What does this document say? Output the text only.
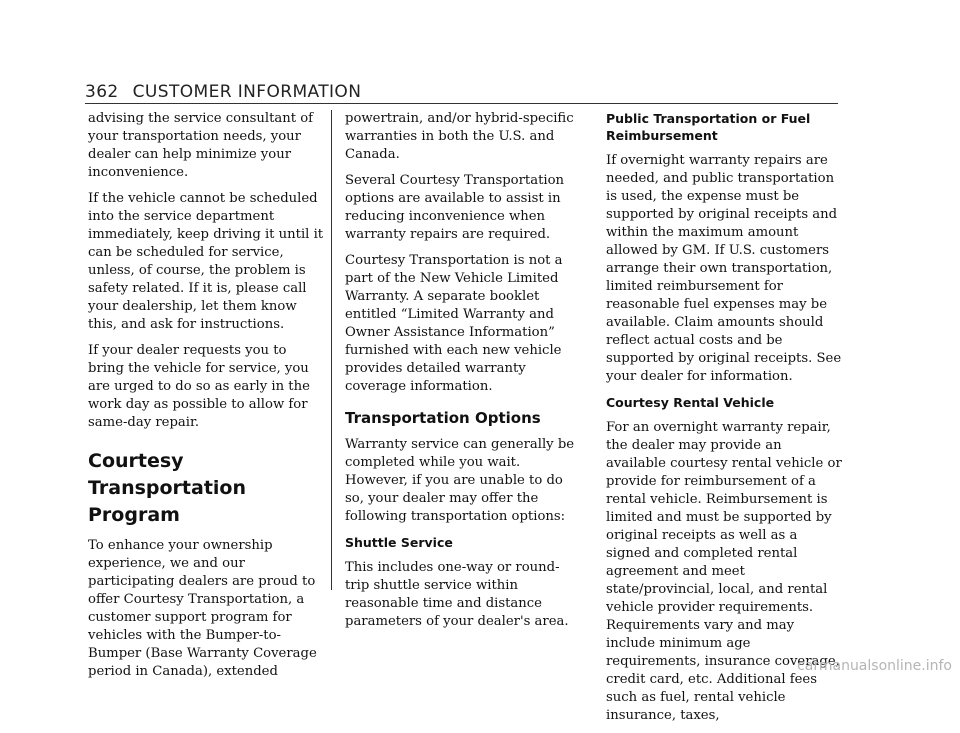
362 CUSTOMER INFORMATION

advising the service consultant of your transportation needs, your dealer can help minimize your inconvenience.

If the vehicle cannot be scheduled into the service department immediately, keep driving it until it can be scheduled for service, unless, of course, the problem is safety related. If it is, please call your dealership, let them know this, and ask for instructions.

If your dealer requests you to bring the vehicle for service, you are urged to do so as early in the work day as possible to allow for same-day repair.

Courtesy Transportation Program

To enhance your ownership experience, we and our participating dealers are proud to offer Courtesy Transportation, a customer support program for vehicles with the Bumper-to-Bumper (Base Warranty Coverage period in Canada), extended

powertrain, and/or hybrid-specific warranties in both the U.S. and Canada.

Several Courtesy Transportation options are available to assist in reducing inconvenience when warranty repairs are required.

Courtesy Transportation is not a part of the New Vehicle Limited Warranty. A separate booklet entitled “Limited Warranty and Owner Assistance Information” furnished with each new vehicle provides detailed warranty coverage information.

Transportation Options

Warranty service can generally be completed while you wait. However, if you are unable to do so, your dealer may offer the following transportation options:

Shuttle Service

This includes one-way or round-trip shuttle service within reasonable time and distance parameters of your dealer's area.

Public Transportation or Fuel Reimbursement

If overnight warranty repairs are needed, and public transportation is used, the expense must be supported by original receipts and within the maximum amount allowed by GM. If U.S. customers arrange their own transportation, limited reimbursement for reasonable fuel expenses may be available. Claim amounts should reflect actual costs and be supported by original receipts. See your dealer for information.

Courtesy Rental Vehicle

For an overnight warranty repair, the dealer may provide an available courtesy rental vehicle or provide for reimbursement of a rental vehicle. Reimbursement is limited and must be supported by original receipts as well as a signed and completed rental agreement and meet state/provincial, local, and rental vehicle provider requirements. Requirements vary and may include minimum age requirements, insurance coverage, credit card, etc. Additional fees such as fuel, rental vehicle insurance, taxes,

carmanualsonline.info
